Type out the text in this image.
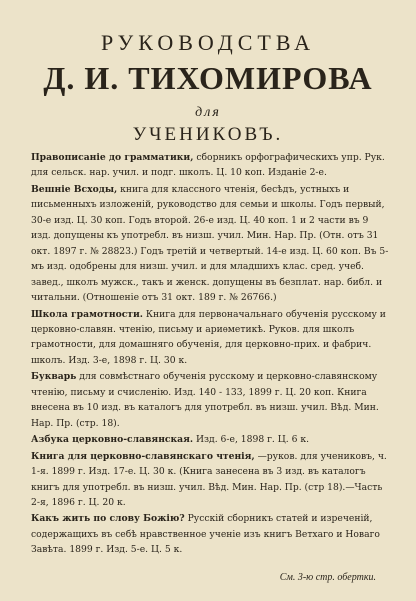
РУКОВОДСТВА
Д. И. ТИХОМИРОВА
для
УЧЕНИКОВЪ.
Правописаніе до грамматики, сборникъ орфографическихъ упр. Рук. для сельск. нар. учил. и подг. школъ. Ц. 10 коп. Изданіе 2-е.
Вешніе Всходы, книга для классного чтенія, бесѣдъ, устныхъ и письменныхъ изложеній, руководство для семьи и школы. Годъ первый, 30-е изд. Ц. 30 коп. Годъ второй. 26-е изд. Ц. 40 коп. 1 и 2 части въ 9 изд. допущены къ употребл. въ низш. учил. Мин. Нар. Пр. (Отн. отъ 31 окт. 1897 г. № 28823.) Годъ третій и четвертый. 14-е изд. Ц. 60 коп. Въ 5-мъ изд. одобрены для низш. учил. и для младшихъ клас. сред. учеб. завед., школъ мужск., такъ и женск. допущены въ безплат. нар. библ. и читальни. (Отношеніе отъ 31 окт. 189 г. № 26766.)
Школа грамотности. Книга для первоначальнаго обученія русскому и церковно-славян. чтенію, письму и ариѳметикѣ. Руков. для школъ грамотности, для домашняго обученія, для церковно-прих. и фабрич. школъ. Изд. 3-е, 1898 г. Ц. 30 к.
Букварь для совмѣстнаго обученія русскому и церковно-славянскому чтенію, письму и счисленію. Изд. 140 - 133, 1899 г. Ц. 20 коп. Книга внесена въ 10 изд. въ каталогъ для употребл. въ низш. учил. Вѣд. Мин. Нар. Пр. (стр. 18).
Азбука церковно-славянская. Изд. 6-е, 1898 г. Ц. 6 к.
Книга для церковно-славянскаго чтенія, —руков. для учениковъ, ч. 1-я. 1899 г. Изд. 17-е. Ц. 30 к. (Книга занесена въ 3 изд. въ каталогъ книгъ для употребл. въ низш. учил. Вѣд. Мин. Нар. Пр. (стр 18).—Часть 2-я, 1896 г. Ц. 20 к.
Какъ жить по слову Божію? Русскій сборникъ статей и изреченій, содержащихъ въ себѣ нравственное ученіе изъ книгъ Ветхаго и Новаго Завѣта. 1899 г. Изд. 5-е. Ц. 5 к.
См. 3-ю стр. обертки.
